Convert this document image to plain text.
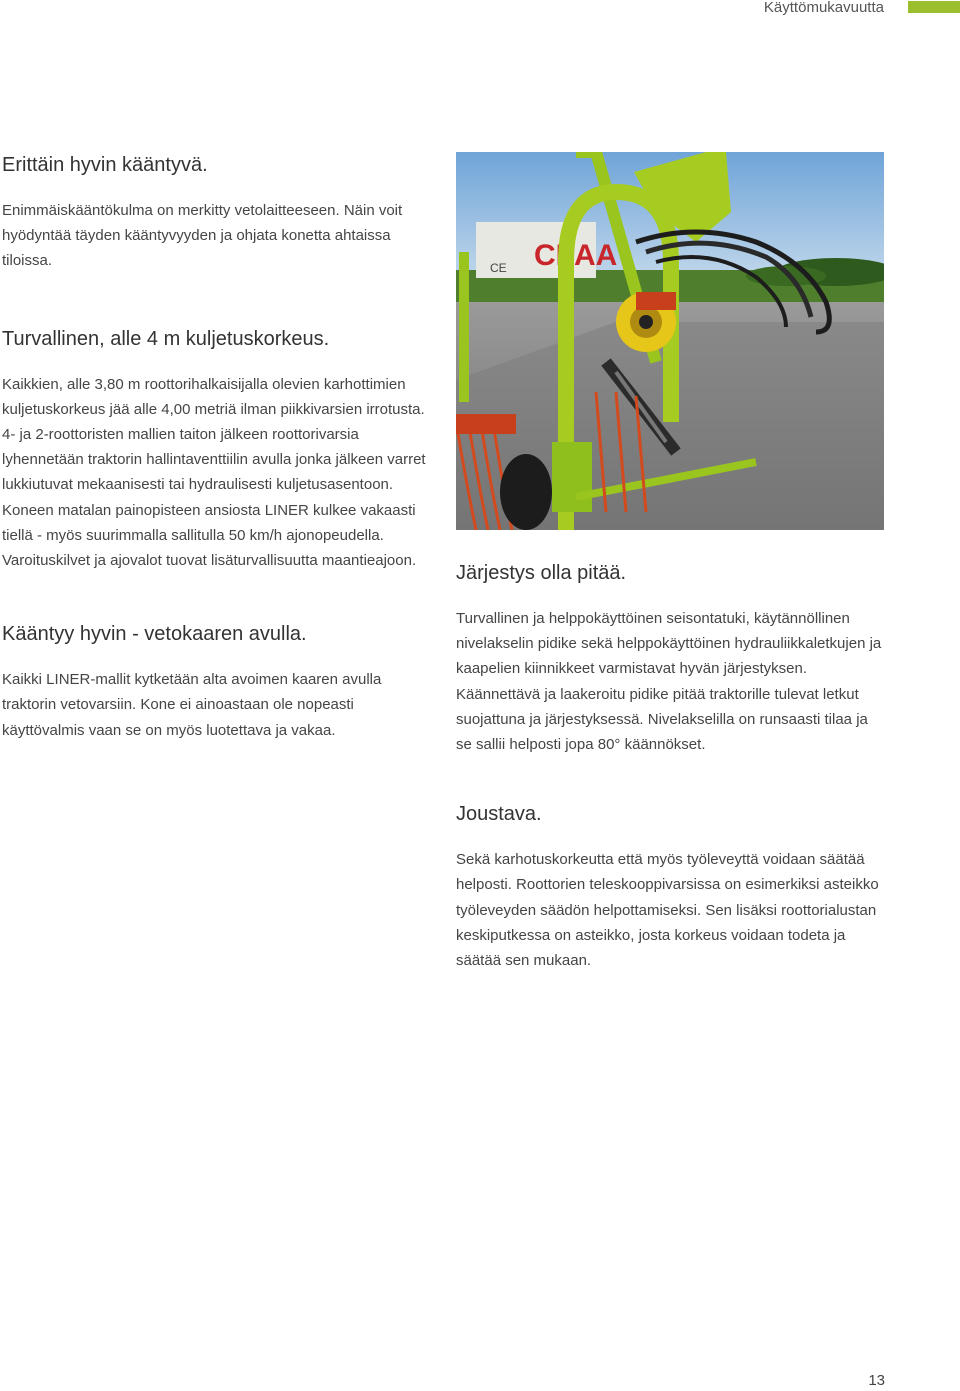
Käyttömukavuutta
Erittäin hyvin kääntyvä.

Enimmäiskääntökulma on merkitty vetolaitteeseen. Näin voit hyödyntää täyden kääntyvyyden ja ohjata konetta ahtaissa tiloissa.

Turvallinen, alle 4 m kuljetuskorkeus.

Kaikkien, alle 3,80 m roottorihalkaisijalla olevien karhottimien kuljetuskorkeus jää alle 4,00 metriä ilman piikkivarsien irrotusta. 4- ja 2-roottoristen mallien taiton jälkeen roottorivarsia lyhennetään traktorin hallintaventtiilin avulla jonka jälkeen varret lukkiutuvat mekaanisesti tai hydraulisesti kuljetusasentoon. Koneen matalan painopisteen ansiosta LINER kulkee vakaasti tiellä - myös suurimmalla sallitulla 50 km/h ajonopeudella. Varoituskilvet ja ajovalot tuovat lisäturvallisuutta maantieajoon.

Kääntyy hyvin - vetokaaren avulla.

Kaikki LINER-mallit kytketään alta avoimen kaaren avulla traktorin vetovarsiin. Kone ei ainoastaan ole nopeasti käyttövalmis vaan se on myös luotettava ja vakaa.

CLAA
CE
Järjestys olla pitää.

Turvallinen ja helppokäyttöinen seisontatuki, käytännöllinen nivelakselin pidike sekä helppokäyttöinen hydrauliikkaletkujen ja kaapelien kiinnikkeet varmistavat hyvän järjestyksen. Käännettävä ja laakeroitu pidike pitää traktorille tulevat letkut suojattuna ja järjestyksessä. Nivelakselilla on runsaasti tilaa ja se sallii helposti jopa 80° käännökset.

Joustava.

Sekä karhotuskorkeutta että myös työleveyttä voidaan säätää helposti. Roottorien teleskooppivarsissa on esimerkiksi asteikko työleveyden säädön helpottamiseksi. Sen lisäksi roottorialustan keskiputkessa on asteikko, josta korkeus voidaan todeta ja säätää sen mukaan.

13
